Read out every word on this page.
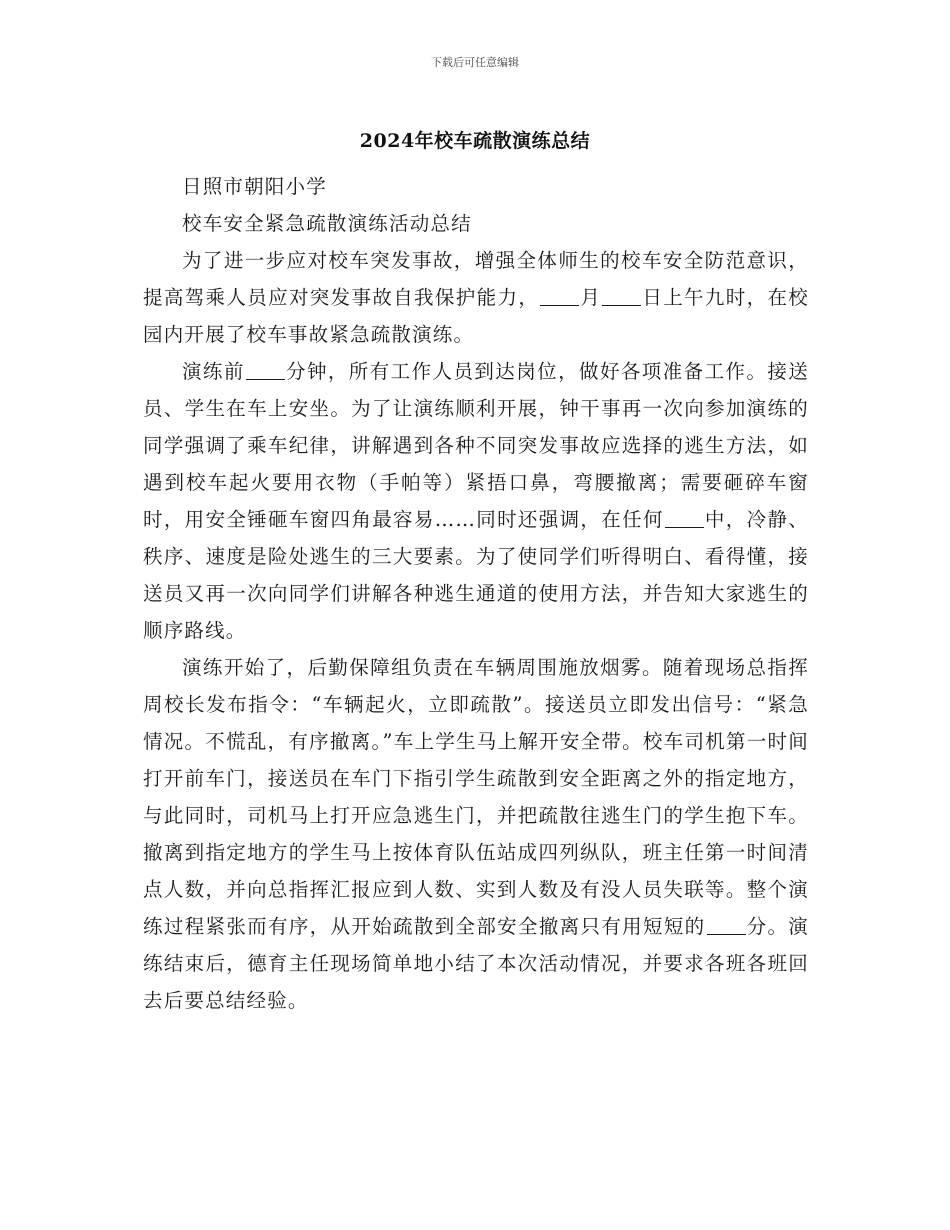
下载后可任意编辑
2024年校车疏散演练总结

日照市朝阳小学

校车安全紧急疏散演练活动总结

为了进一步应对校车突发事故，增强全体师生的校车安全防范意识，提高驾乘人员应对突发事故自我保护能力， 月 日上午九时，在校园内开展了校车事故紧急疏散演练。

演练前 分钟，所有工作人员到达岗位，做好各项准备工作。接送员、学生在车上安坐。为了让演练顺利开展，钟干事再一次向参加演练的同学强调了乘车纪律，讲解遇到各种不同突发事故应选择的逃生方法，如遇到校车起火要用衣物（手帕等）紧捂口鼻，弯腰撤离；需要砸碎车窗时，用安全锤砸车窗四角最容易……同时还强调，在任何 中，冷静、秩序、速度是险处逃生的三大要素。为了使同学们听得明白、看得懂，接送员又再一次向同学们讲解各种逃生通道的使用方法，并告知大家逃生的顺序路线。

演练开始了，后勤保障组负责在车辆周围施放烟雾。随着现场总指挥周校长发布指令：“车辆起火，立即疏散”。接送员立即发出信号：“紧急情况。不慌乱，有序撤离。”车上学生马上解开安全带。校车司机第一时间打开前车门，接送员在车门下指引学生疏散到安全距离之外的指定地方，与此同时，司机马上打开应急逃生门，并把疏散往逃生门的学生抱下车。撤离到指定地方的学生马上按体育队伍站成四列纵队，班主任第一时间清点人数，并向总指挥汇报应到人数、实到人数及有没人员失联等。整个演练过程紧张而有序，从开始疏散到全部安全撤离只有用短短的 分。演练结束后，德育主任现场简单地小结了本次活动情况，并要求各班各班回去后要总结经验。
